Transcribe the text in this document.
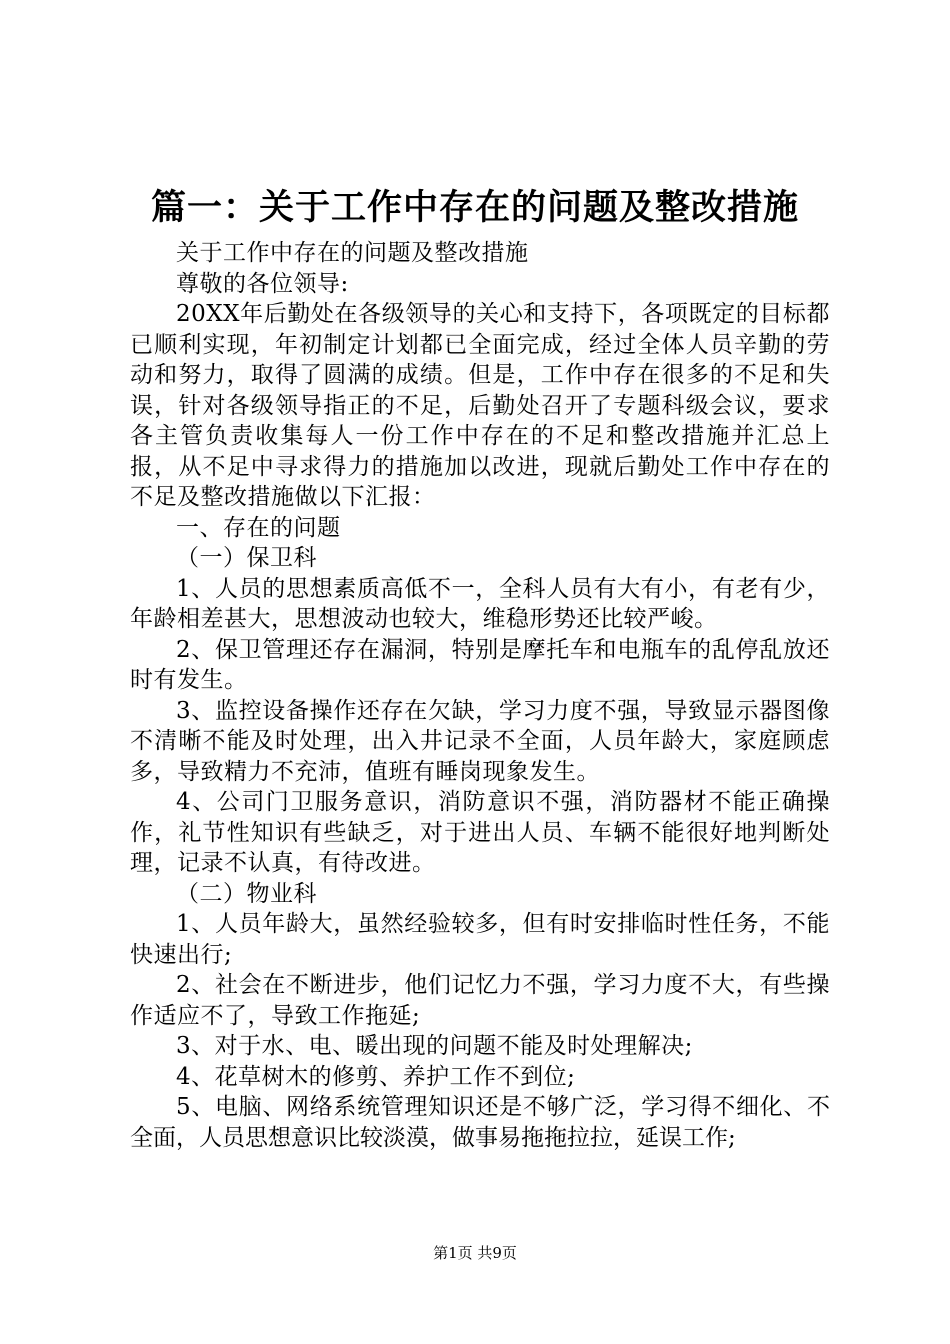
篇一：关于工作中存在的问题及整改措施

关于工作中存在的问题及整改措施

尊敬的各位领导:

20XX年后勤处在各级领导的关心和支持下，各项既定的目标都已顺利实现，年初制定计划都已全面完成，经过全体人员辛勤的劳动和努力，取得了圆满的成绩。但是，工作中存在很多的不足和失误，针对各级领导指正的不足，后勤处召开了专题科级会议，要求各主管负责收集每人一份工作中存在的不足和整改措施并汇总上报，从不足中寻求得力的措施加以改进，现就后勤处工作中存在的不足及整改措施做以下汇报：

一、存在的问题

（一）保卫科

1、人员的思想素质高低不一，全科人员有大有小，有老有少，年龄相差甚大，思想波动也较大，维稳形势还比较严峻。

2、保卫管理还存在漏洞，特别是摩托车和电瓶车的乱停乱放还时有发生。

3、监控设备操作还存在欠缺，学习力度不强，导致显示器图像不清晰不能及时处理，出入井记录不全面，人员年龄大，家庭顾虑多，导致精力不充沛，值班有睡岗现象发生。

4、公司门卫服务意识，消防意识不强，消防器材不能正确操作，礼节性知识有些缺乏，对于进出人员、车辆不能很好地判断处理，记录不认真，有待改进。

（二）物业科

1、人员年龄大，虽然经验较多，但有时安排临时性任务，不能快速出行;

2、社会在不断进步，他们记忆力不强，学习力度不大，有些操作适应不了，导致工作拖延;

3、对于水、电、暖出现的问题不能及时处理解决;

4、花草树木的修剪、养护工作不到位;

5、电脑、网络系统管理知识还是不够广泛，学习得不细化、不全面，人员思想意识比较淡漠，做事易拖拖拉拉，延误工作;

第1页 共9页
